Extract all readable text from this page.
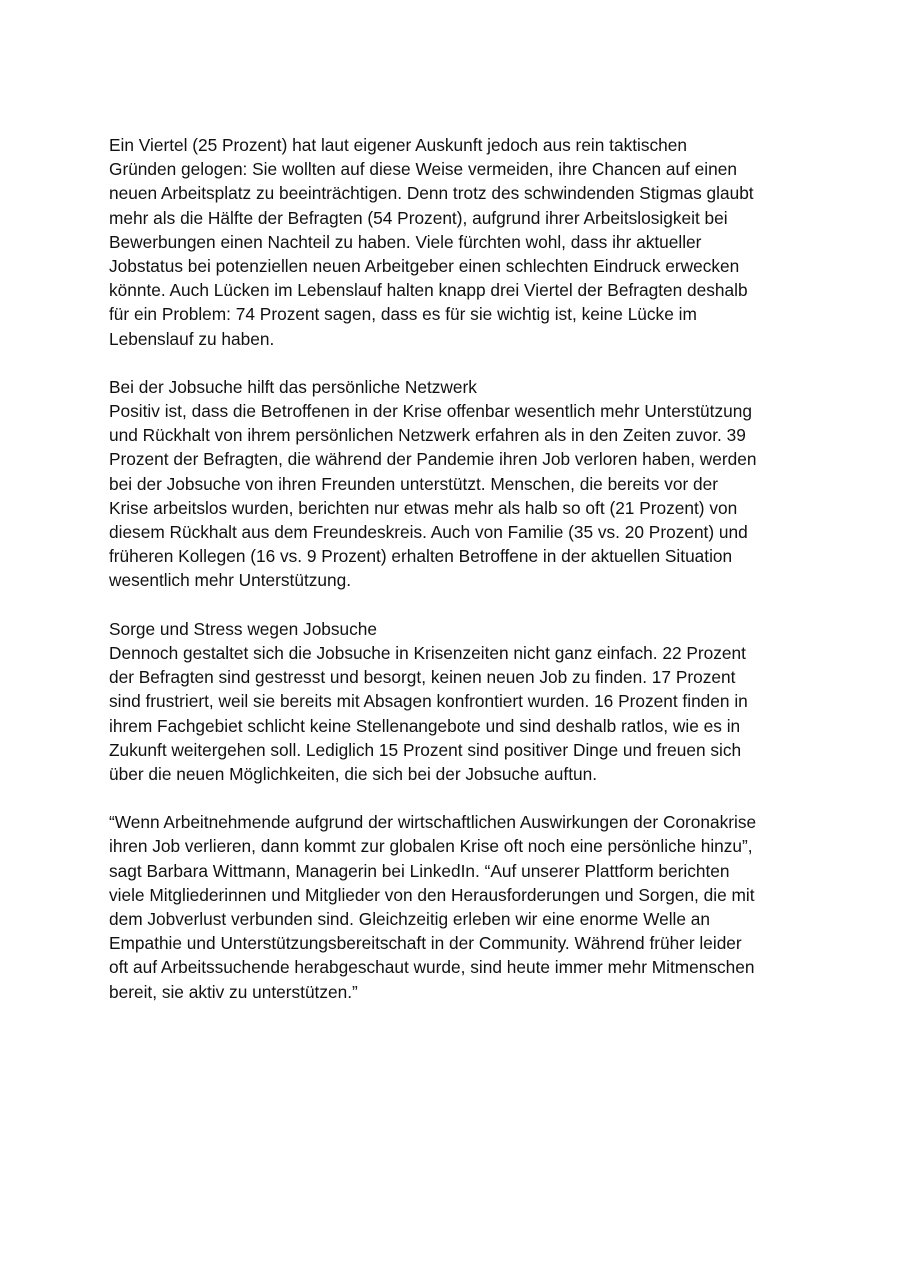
Ein Viertel (25 Prozent) hat laut eigener Auskunft jedoch aus rein taktischen
Gründen gelogen: Sie wollten auf diese Weise vermeiden, ihre Chancen auf einen
neuen Arbeitsplatz zu beeinträchtigen. Denn trotz des schwindenden Stigmas glaubt
mehr als die Hälfte der Befragten (54 Prozent), aufgrund ihrer Arbeitslosigkeit bei
Bewerbungen einen Nachteil zu haben. Viele fürchten wohl, dass ihr aktueller
Jobstatus bei potenziellen neuen Arbeitgeber einen schlechten Eindruck erwecken
könnte. Auch Lücken im Lebenslauf halten knapp drei Viertel der Befragten deshalb
für ein Problem: 74 Prozent sagen, dass es für sie wichtig ist, keine Lücke im
Lebenslauf zu haben.
Bei der Jobsuche hilft das persönliche Netzwerk
Positiv ist, dass die Betroffenen in der Krise offenbar wesentlich mehr Unterstützung
und Rückhalt von ihrem persönlichen Netzwerk erfahren als in den Zeiten zuvor. 39
Prozent der Befragten, die während der Pandemie ihren Job verloren haben, werden
bei der Jobsuche von ihren Freunden unterstützt. Menschen, die bereits vor der
Krise arbeitslos wurden, berichten nur etwas mehr als halb so oft (21 Prozent) von
diesem Rückhalt aus dem Freundeskreis. Auch von Familie (35 vs. 20 Prozent) und
früheren Kollegen (16 vs. 9 Prozent) erhalten Betroffene in der aktuellen Situation
wesentlich mehr Unterstützung.
Sorge und Stress wegen Jobsuche
Dennoch gestaltet sich die Jobsuche in Krisenzeiten nicht ganz einfach. 22 Prozent
der Befragten sind gestresst und besorgt, keinen neuen Job zu finden. 17 Prozent
sind frustriert, weil sie bereits mit Absagen konfrontiert wurden. 16 Prozent finden in
ihrem Fachgebiet schlicht keine Stellenangebote und sind deshalb ratlos, wie es in
Zukunft weitergehen soll. Lediglich 15 Prozent sind positiver Dinge und freuen sich
über die neuen Möglichkeiten, die sich bei der Jobsuche auftun.
“Wenn Arbeitnehmende aufgrund der wirtschaftlichen Auswirkungen der Coronakrise
ihren Job verlieren, dann kommt zur globalen Krise oft noch eine persönliche hinzu”,
sagt Barbara Wittmann, Managerin bei LinkedIn. “Auf unserer Plattform berichten
viele Mitgliederinnen und Mitglieder von den Herausforderungen und Sorgen, die mit
dem Jobverlust verbunden sind. Gleichzeitig erleben wir eine enorme Welle an
Empathie und Unterstützungsbereitschaft in der Community. Während früher leider
oft auf Arbeitssuchende herabgeschaut wurde, sind heute immer mehr Mitmenschen
bereit, sie aktiv zu unterstützen.”
